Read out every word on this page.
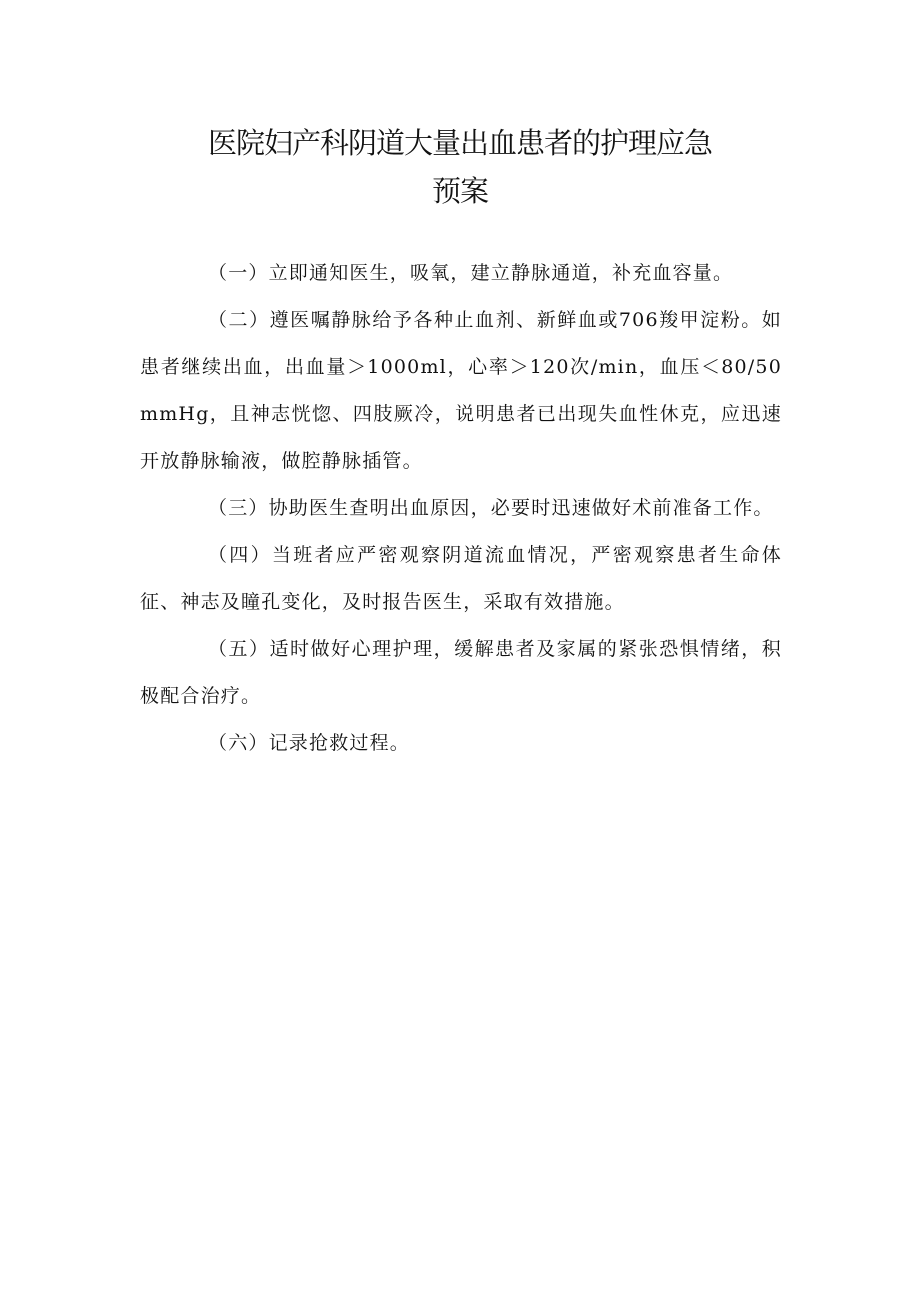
医院妇产科阴道大量出血患者的护理应急
预案

（一）立即通知医生，吸氧，建立静脉通道，补充血容量。

（二）遵医嘱静脉给予各种止血剂、新鲜血或706羧甲淀粉。如患者继续出血，出血量＞1000ml，心率＞120次/min，血压＜80/50mmHg，且神志恍惚、四肢厥冷，说明患者已出现失血性休克，应迅速开放静脉输液，做腔静脉插管。

（三）协助医生查明出血原因，必要时迅速做好术前准备工作。

（四）当班者应严密观察阴道流血情况，严密观察患者生命体征、神志及瞳孔变化，及时报告医生，采取有效措施。

（五）适时做好心理护理，缓解患者及家属的紧张恐惧情绪，积极配合治疗。

（六）记录抢救过程。
